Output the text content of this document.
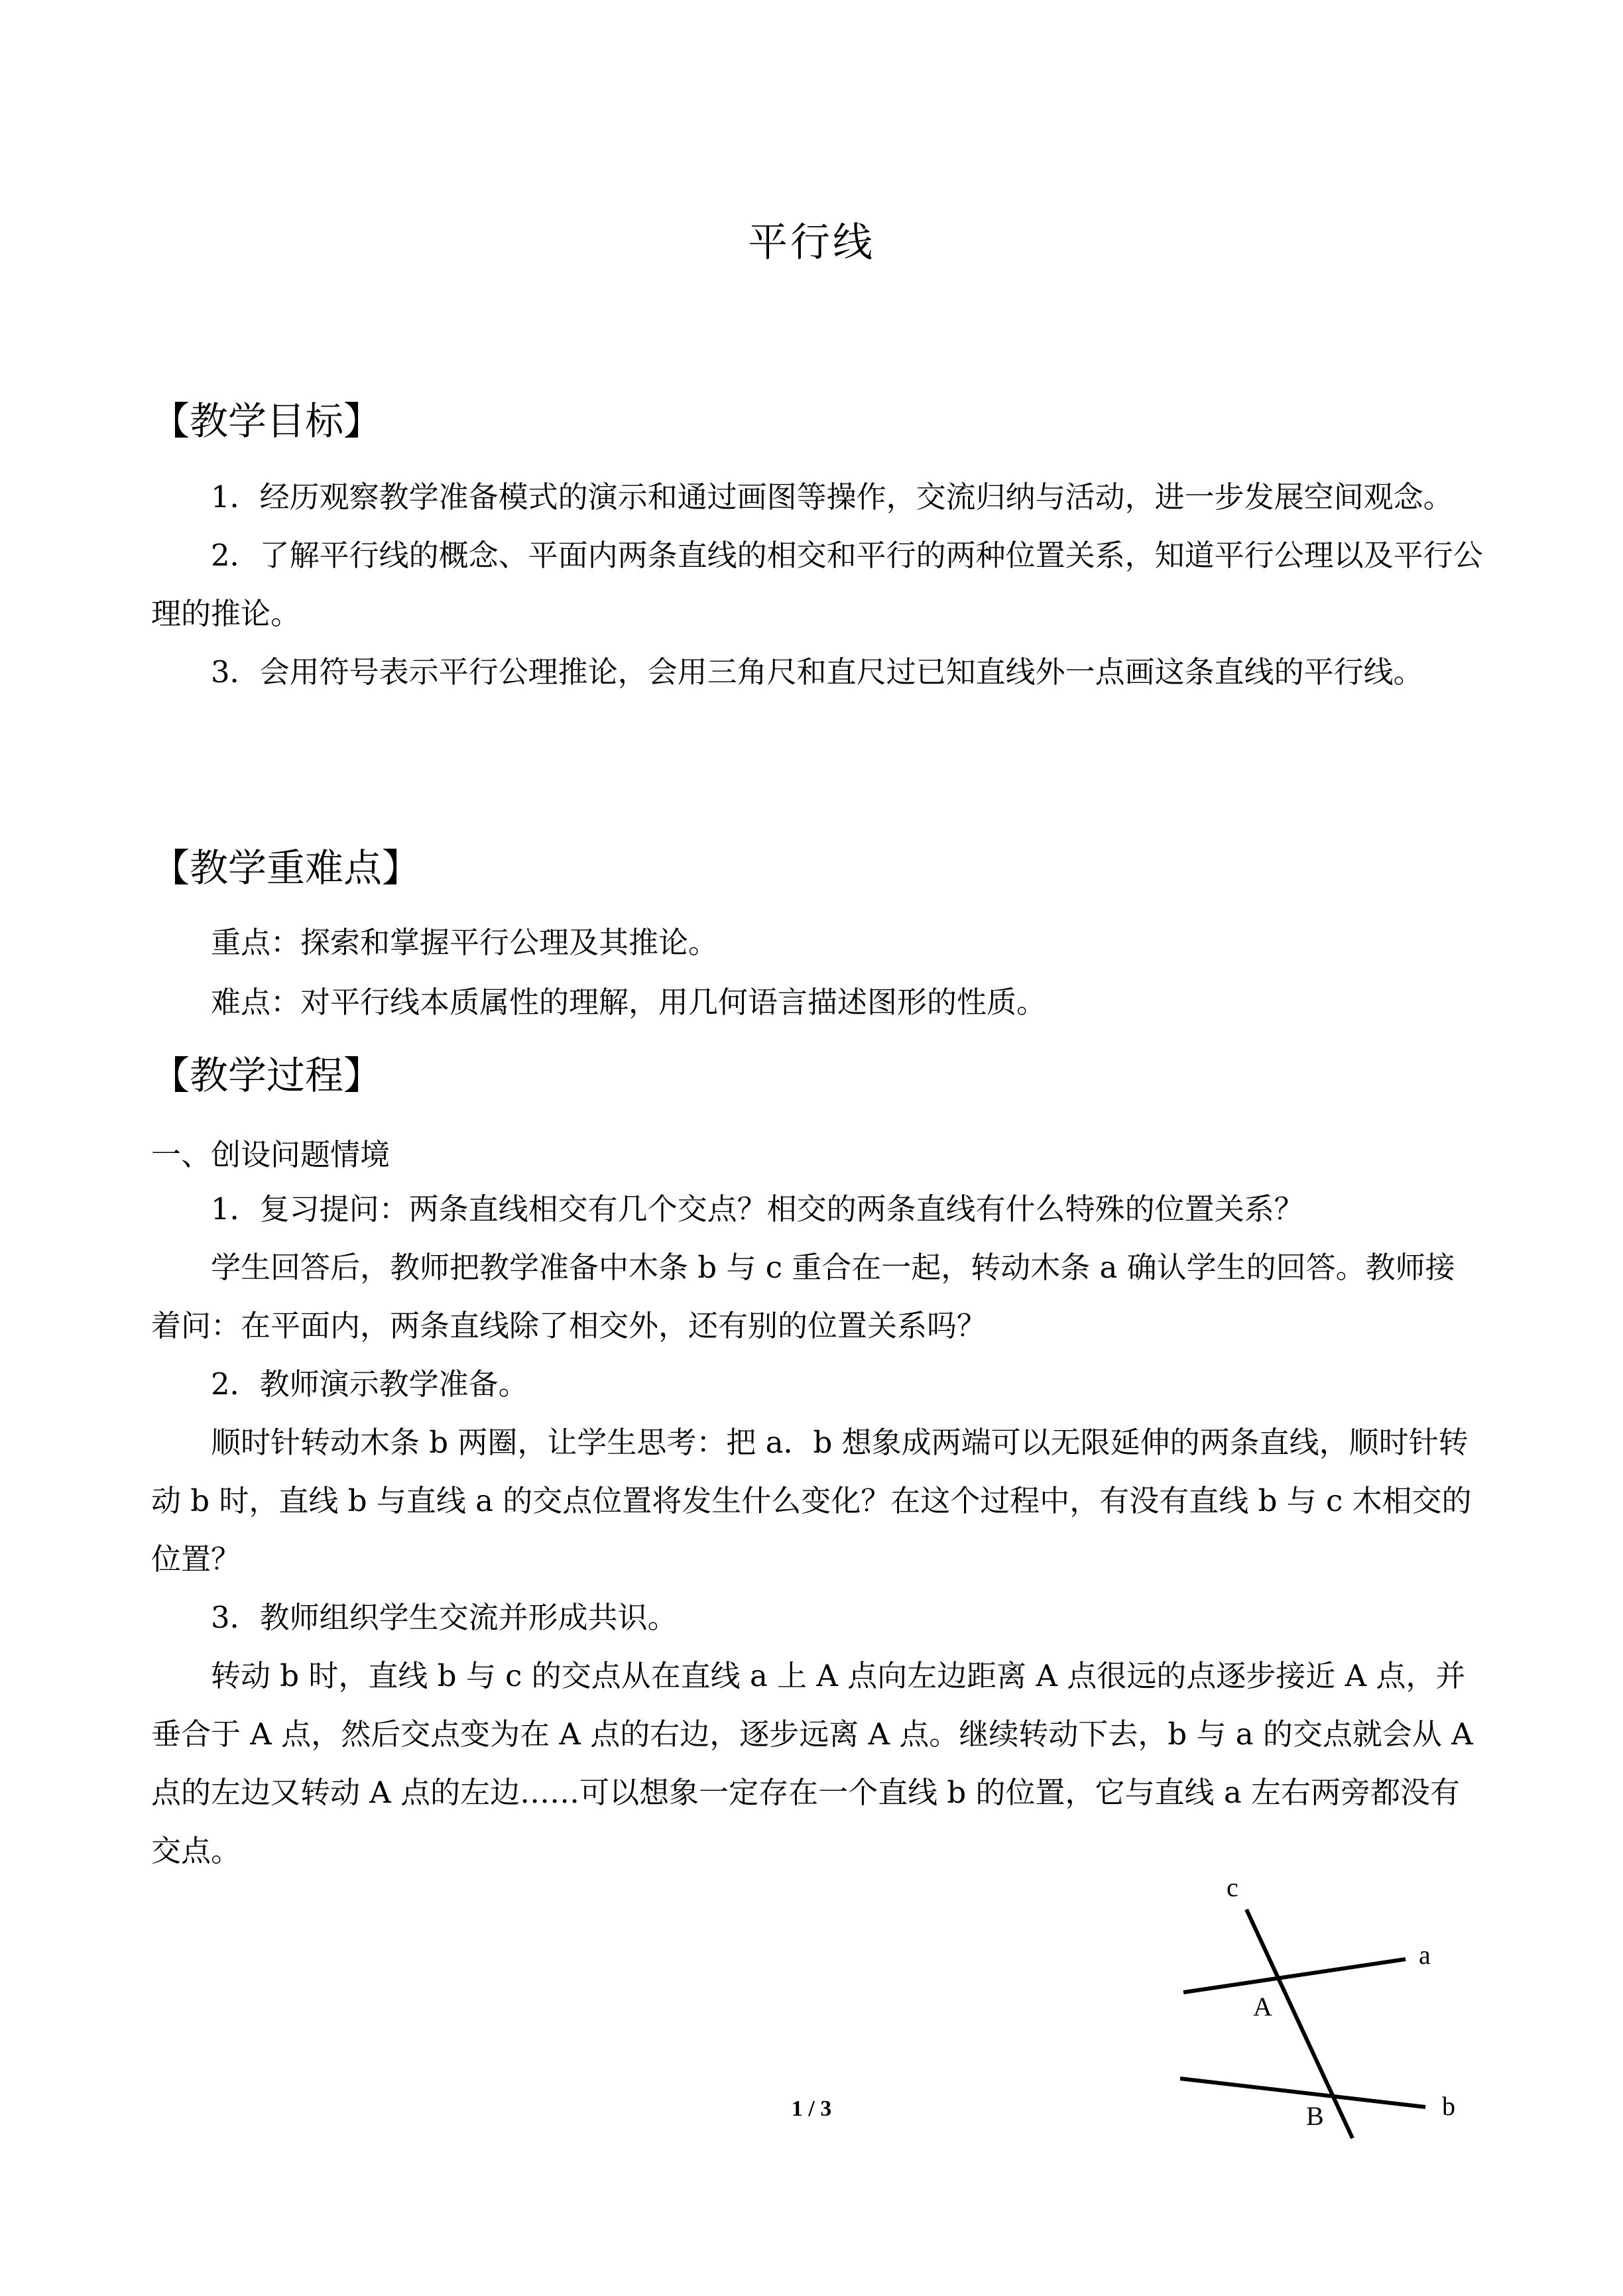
平行线
【教学目标】

1．经历观察教学准备模式的演示和通过画图等操作，交流归纳与活动，进一步发展空间观念。

2．了解平行线的概念、平面内两条直线的相交和平行的两种位置关系，知道平行公理以及平行公理的推论。

3．会用符号表示平行公理推论，会用三角尺和直尺过已知直线外一点画这条直线的平行线。

【教学重难点】
重点：探索和掌握平行公理及其推论。
难点：对平行线本质属性的理解，用几何语言描述图形的性质。
【教学过程】
一、创设问题情境

1．复习提问：两条直线相交有几个交点？相交的两条直线有什么特殊的位置关系？

学生回答后，教师把教学准备中木条 b 与 c 重合在一起，转动木条 a 确认学生的回答。教师接着问：在平面内，两条直线除了相交外，还有别的位置关系吗？

2．教师演示教学准备。

顺时针转动木条 b 两圈，让学生思考：把 a．b 想象成两端可以无限延伸的两条直线，顺时针转动 b 时，直线 b 与直线 a 的交点位置将发生什么变化？在这个过程中，有没有直线 b 与 c 木相交的位置？

3．教师组织学生交流并形成共识。

转动 b 时，直线 b 与 c 的交点从在直线 a 上 A 点向左边距离 A 点很远的点逐步接近 A 点，并垂合于 A 点，然后交点变为在 A 点的右边，逐步远离 A 点。继续转动下去，b 与 a 的交点就会从 A 点的左边又转动 A 点的左边……可以想象一定存在一个直线 b 的位置，它与直线 a 左右两旁都没有交点。

c
a
A
B	b
1 / 3
